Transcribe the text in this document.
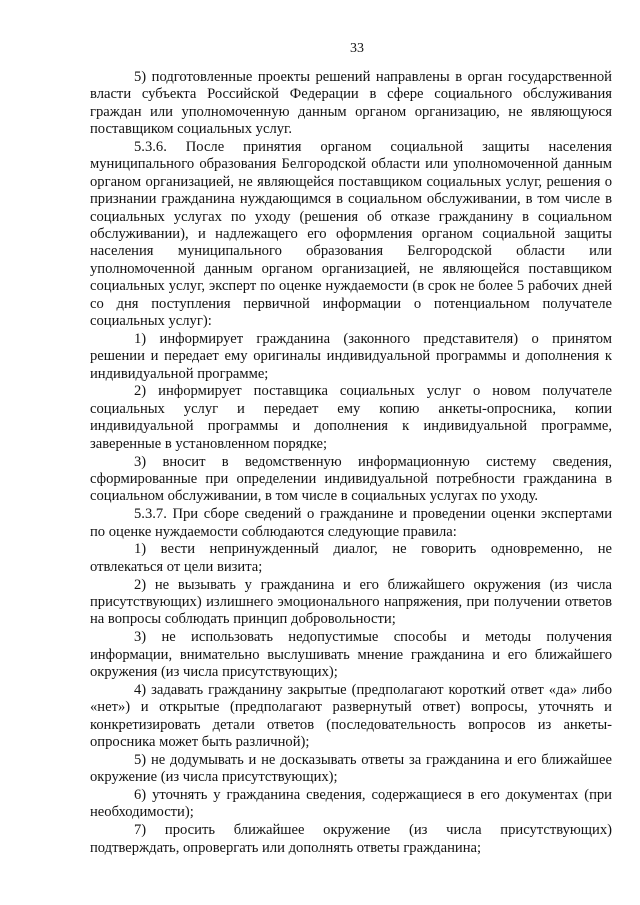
33

5) подготовленные проекты решений направлены в орган государственной власти субъекта Российской Федерации в сфере социального обслуживания граждан или уполномоченную данным органом организацию, не являющуюся поставщиком социальных услуг.

5.3.6. После принятия органом социальной защиты населения муниципального образования Белгородской области или уполномоченной данным органом организацией, не являющейся поставщиком социальных услуг, решения о признании гражданина нуждающимся в социальном обслуживании, в том числе в социальных услугах по уходу (решения об отказе гражданину в социальном обслуживании), и надлежащего его оформления органом социальной защиты населения муниципального образования Белгородской области или уполномоченной данным органом организацией, не являющейся поставщиком социальных услуг, эксперт по оценке нуждаемости (в срок не более 5 рабочих дней со дня поступления первичной информации о потенциальном получателе социальных услуг):

1) информирует гражданина (законного представителя) о принятом решении и передает ему оригиналы индивидуальной программы и дополнения к индивидуальной программе;

2) информирует поставщика социальных услуг о новом получателе социальных услуг и передает ему копию анкеты-опросника, копии индивидуальной программы и дополнения к индивидуальной программе, заверенные в установленном порядке;

3) вносит в ведомственную информационную систему сведения, сформированные при определении индивидуальной потребности гражданина в социальном обслуживании, в том числе в социальных услугах по уходу.

5.3.7. При сборе сведений о гражданине и проведении оценки экспертами по оценке нуждаемости соблюдаются следующие правила:

1) вести непринужденный диалог, не говорить одновременно, не отвлекаться от цели визита;

2) не вызывать у гражданина и его ближайшего окружения (из числа присутствующих) излишнего эмоционального напряжения, при получении ответов на вопросы соблюдать принцип добровольности;

3) не использовать недопустимые способы и методы получения информации, внимательно выслушивать мнение гражданина и его ближайшего окружения (из числа присутствующих);

4) задавать гражданину закрытые (предполагают короткий ответ «да» либо «нет») и открытые (предполагают развернутый ответ) вопросы, уточнять и конкретизировать детали ответов (последовательность вопросов из анкеты-опросника может быть различной);

5) не додумывать и не досказывать ответы за гражданина и его ближайшее окружение (из числа присутствующих);

6) уточнять у гражданина сведения, содержащиеся в его документах (при необходимости);

7) просить ближайшее окружение (из числа присутствующих) подтверждать, опровергать или дополнять ответы гражданина;
